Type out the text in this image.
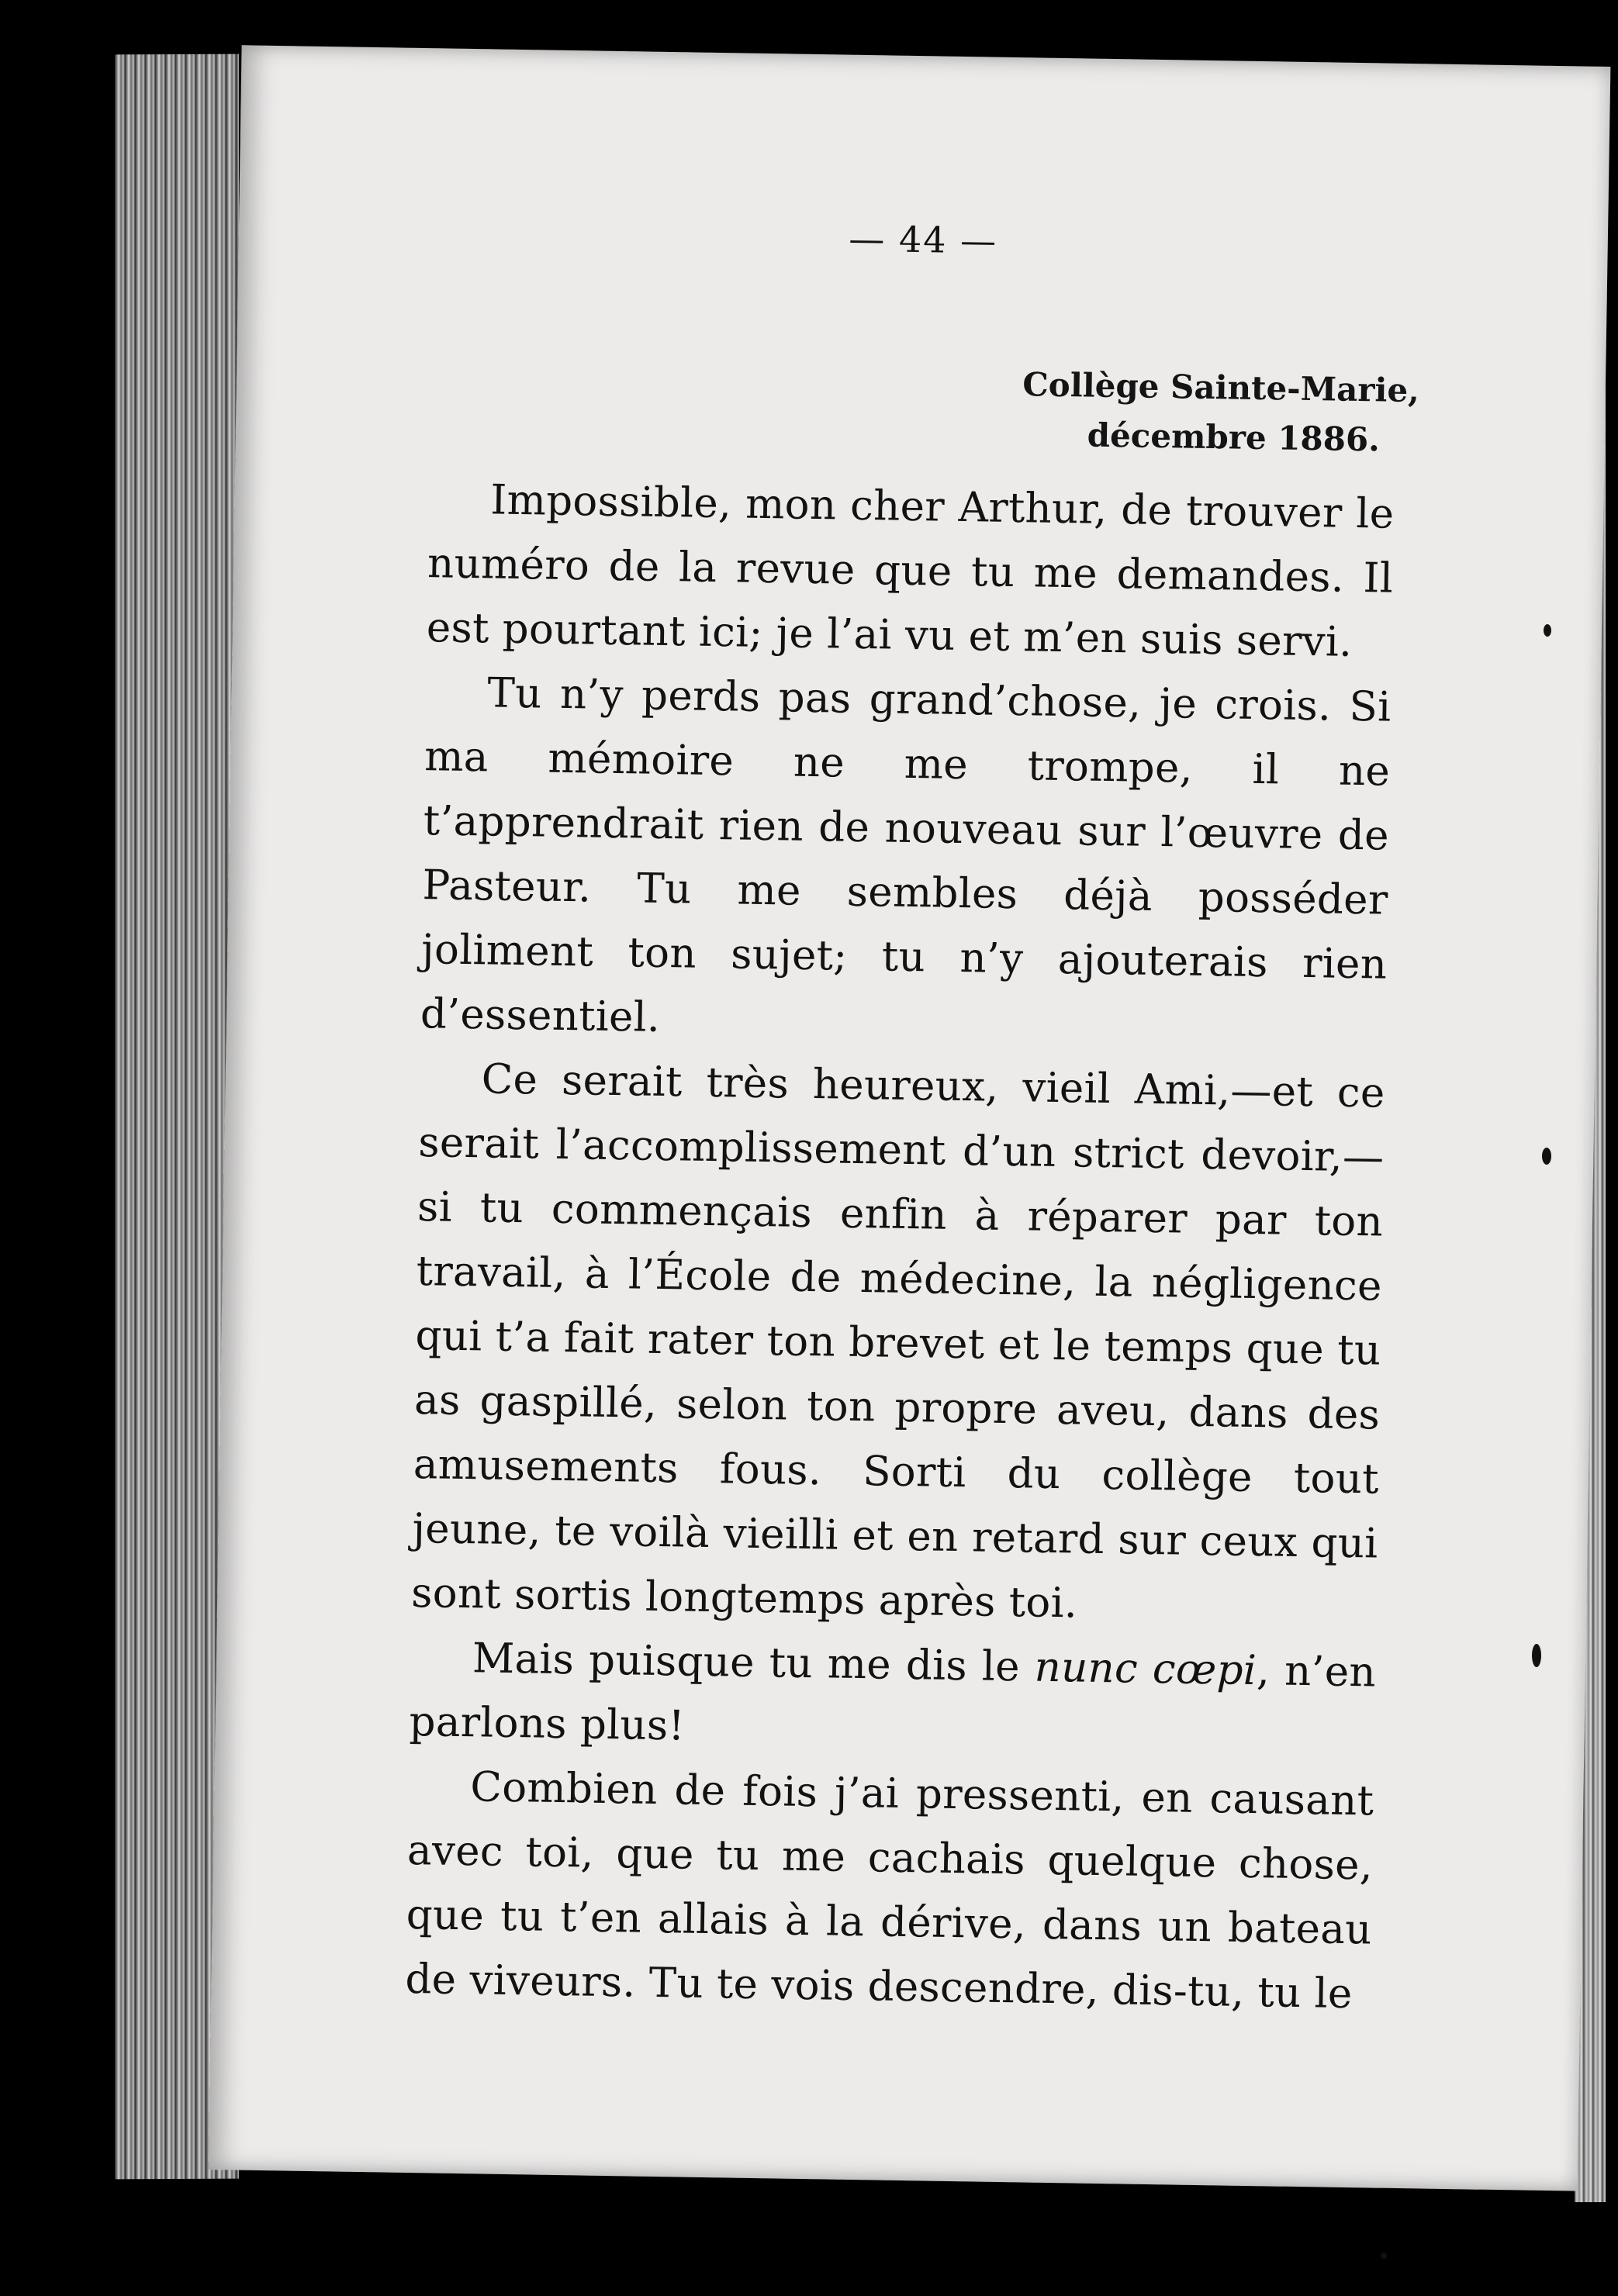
— 44 —
Collège Sainte-Marie,
décembre 1886.

Impossible, mon cher Arthur, de trouver le numéro de la revue que tu me demandes. Il est pourtant ici; je l’ai vu et m’en suis servi.

Tu n’y perds pas grand’chose, je crois. Si ma mémoire ne me trompe, il ne t’apprendrait rien de nouveau sur l’œuvre de Pasteur. Tu me sembles déjà posséder joliment ton sujet; tu n’y ajouterais rien d’essentiel.

Ce serait très heureux, vieil Ami,—et ce serait l’accomplissement d’un strict devoir,—si tu commençais enfin à réparer par ton travail, à l’École de médecine, la négligence qui t’a fait rater ton brevet et le temps que tu as gaspillé, selon ton propre aveu, dans des amusements fous. Sorti du collège tout jeune, te voilà vieilli et en retard sur ceux qui sont sortis longtemps après toi.

Mais puisque tu me dis le nunc cœpi, n’en parlons plus!

Combien de fois j’ai pressenti, en causant avec toi, que tu me cachais quelque chose, que tu t’en allais à la dérive, dans un bateau de viveurs. Tu te vois descendre, dis-tu, tu le
